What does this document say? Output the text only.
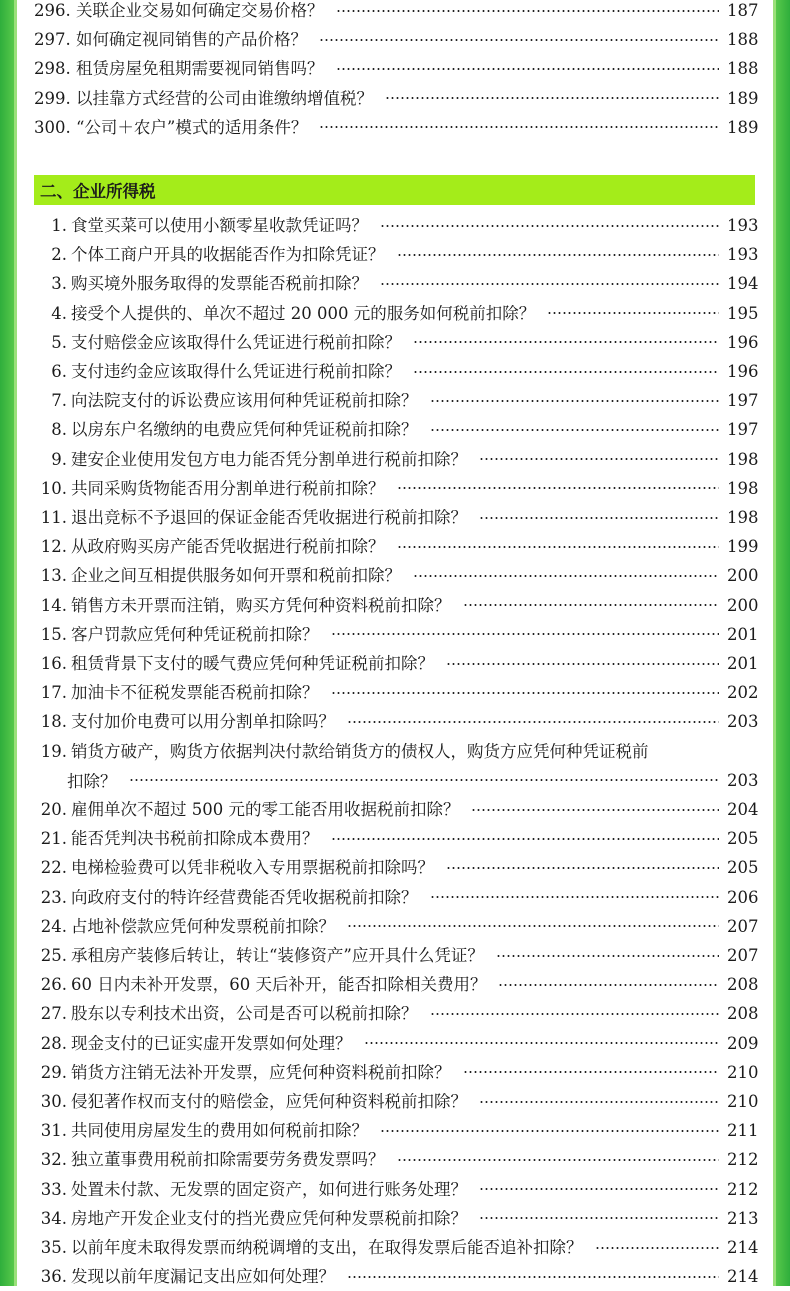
二、企业所得税
296. 关联企业交易如何确定交易价格？	187
297. 如何确定视同销售的产品价格？	188
298. 租赁房屋免租期需要视同销售吗？	188
299. 以挂靠方式经营的公司由谁缴纳增值税？	189
300. “公司＋农户”模式的适用条件？	189
1. 食堂买菜可以使用小额零星收款凭证吗？	193
2. 个体工商户开具的收据能否作为扣除凭证？	193
3. 购买境外服务取得的发票能否税前扣除？	194
4. 接受个人提供的、单次不超过 20 000 元的服务如何税前扣除？	195
5. 支付赔偿金应该取得什么凭证进行税前扣除？	196
6. 支付违约金应该取得什么凭证进行税前扣除？	196
7. 向法院支付的诉讼费应该用何种凭证税前扣除？	197
8. 以房东户名缴纳的电费应凭何种凭证税前扣除？	197
9. 建安企业使用发包方电力能否凭分割单进行税前扣除？	198
10. 共同采购货物能否用分割单进行税前扣除？	198
11. 退出竞标不予退回的保证金能否凭收据进行税前扣除？	198
12. 从政府购买房产能否凭收据进行税前扣除？	199
13. 企业之间互相提供服务如何开票和税前扣除？	200
14. 销售方未开票而注销，购买方凭何种资料税前扣除？	200
15. 客户罚款应凭何种凭证税前扣除？	201
16. 租赁背景下支付的暖气费应凭何种凭证税前扣除？	201
17. 加油卡不征税发票能否税前扣除？	202
18. 支付加价电费可以用分割单扣除吗？	203
19. 销货方破产，购货方依据判决付款给销货方的债权人，购货方应凭何种凭证税前
扣除？	203
20. 雇佣单次不超过 500 元的零工能否用收据税前扣除？	204
21. 能否凭判决书税前扣除成本费用？	205
22. 电梯检验费可以凭非税收入专用票据税前扣除吗？	205
23. 向政府支付的特许经营费能否凭收据税前扣除？	206
24. 占地补偿款应凭何种发票税前扣除？	207
25. 承租房产装修后转让，转让“装修资产”应开具什么凭证？	207
26. 60 日内未补开发票，60 天后补开，能否扣除相关费用？	208
27. 股东以专利技术出资，公司是否可以税前扣除？	208
28. 现金支付的已证实虚开发票如何处理？	209
29. 销货方注销无法补开发票，应凭何种资料税前扣除？	210
30. 侵犯著作权而支付的赔偿金，应凭何种资料税前扣除？	210
31. 共同使用房屋发生的费用如何税前扣除？	211
32. 独立董事费用税前扣除需要劳务费发票吗？	212
33. 处置未付款、无发票的固定资产，如何进行账务处理？	212
34. 房地产开发企业支付的挡光费应凭何种发票税前扣除？	213
35. 以前年度未取得发票而纳税调增的支出，在取得发票后能否追补扣除？	214
36. 发现以前年度漏记支出应如何处理？	214
